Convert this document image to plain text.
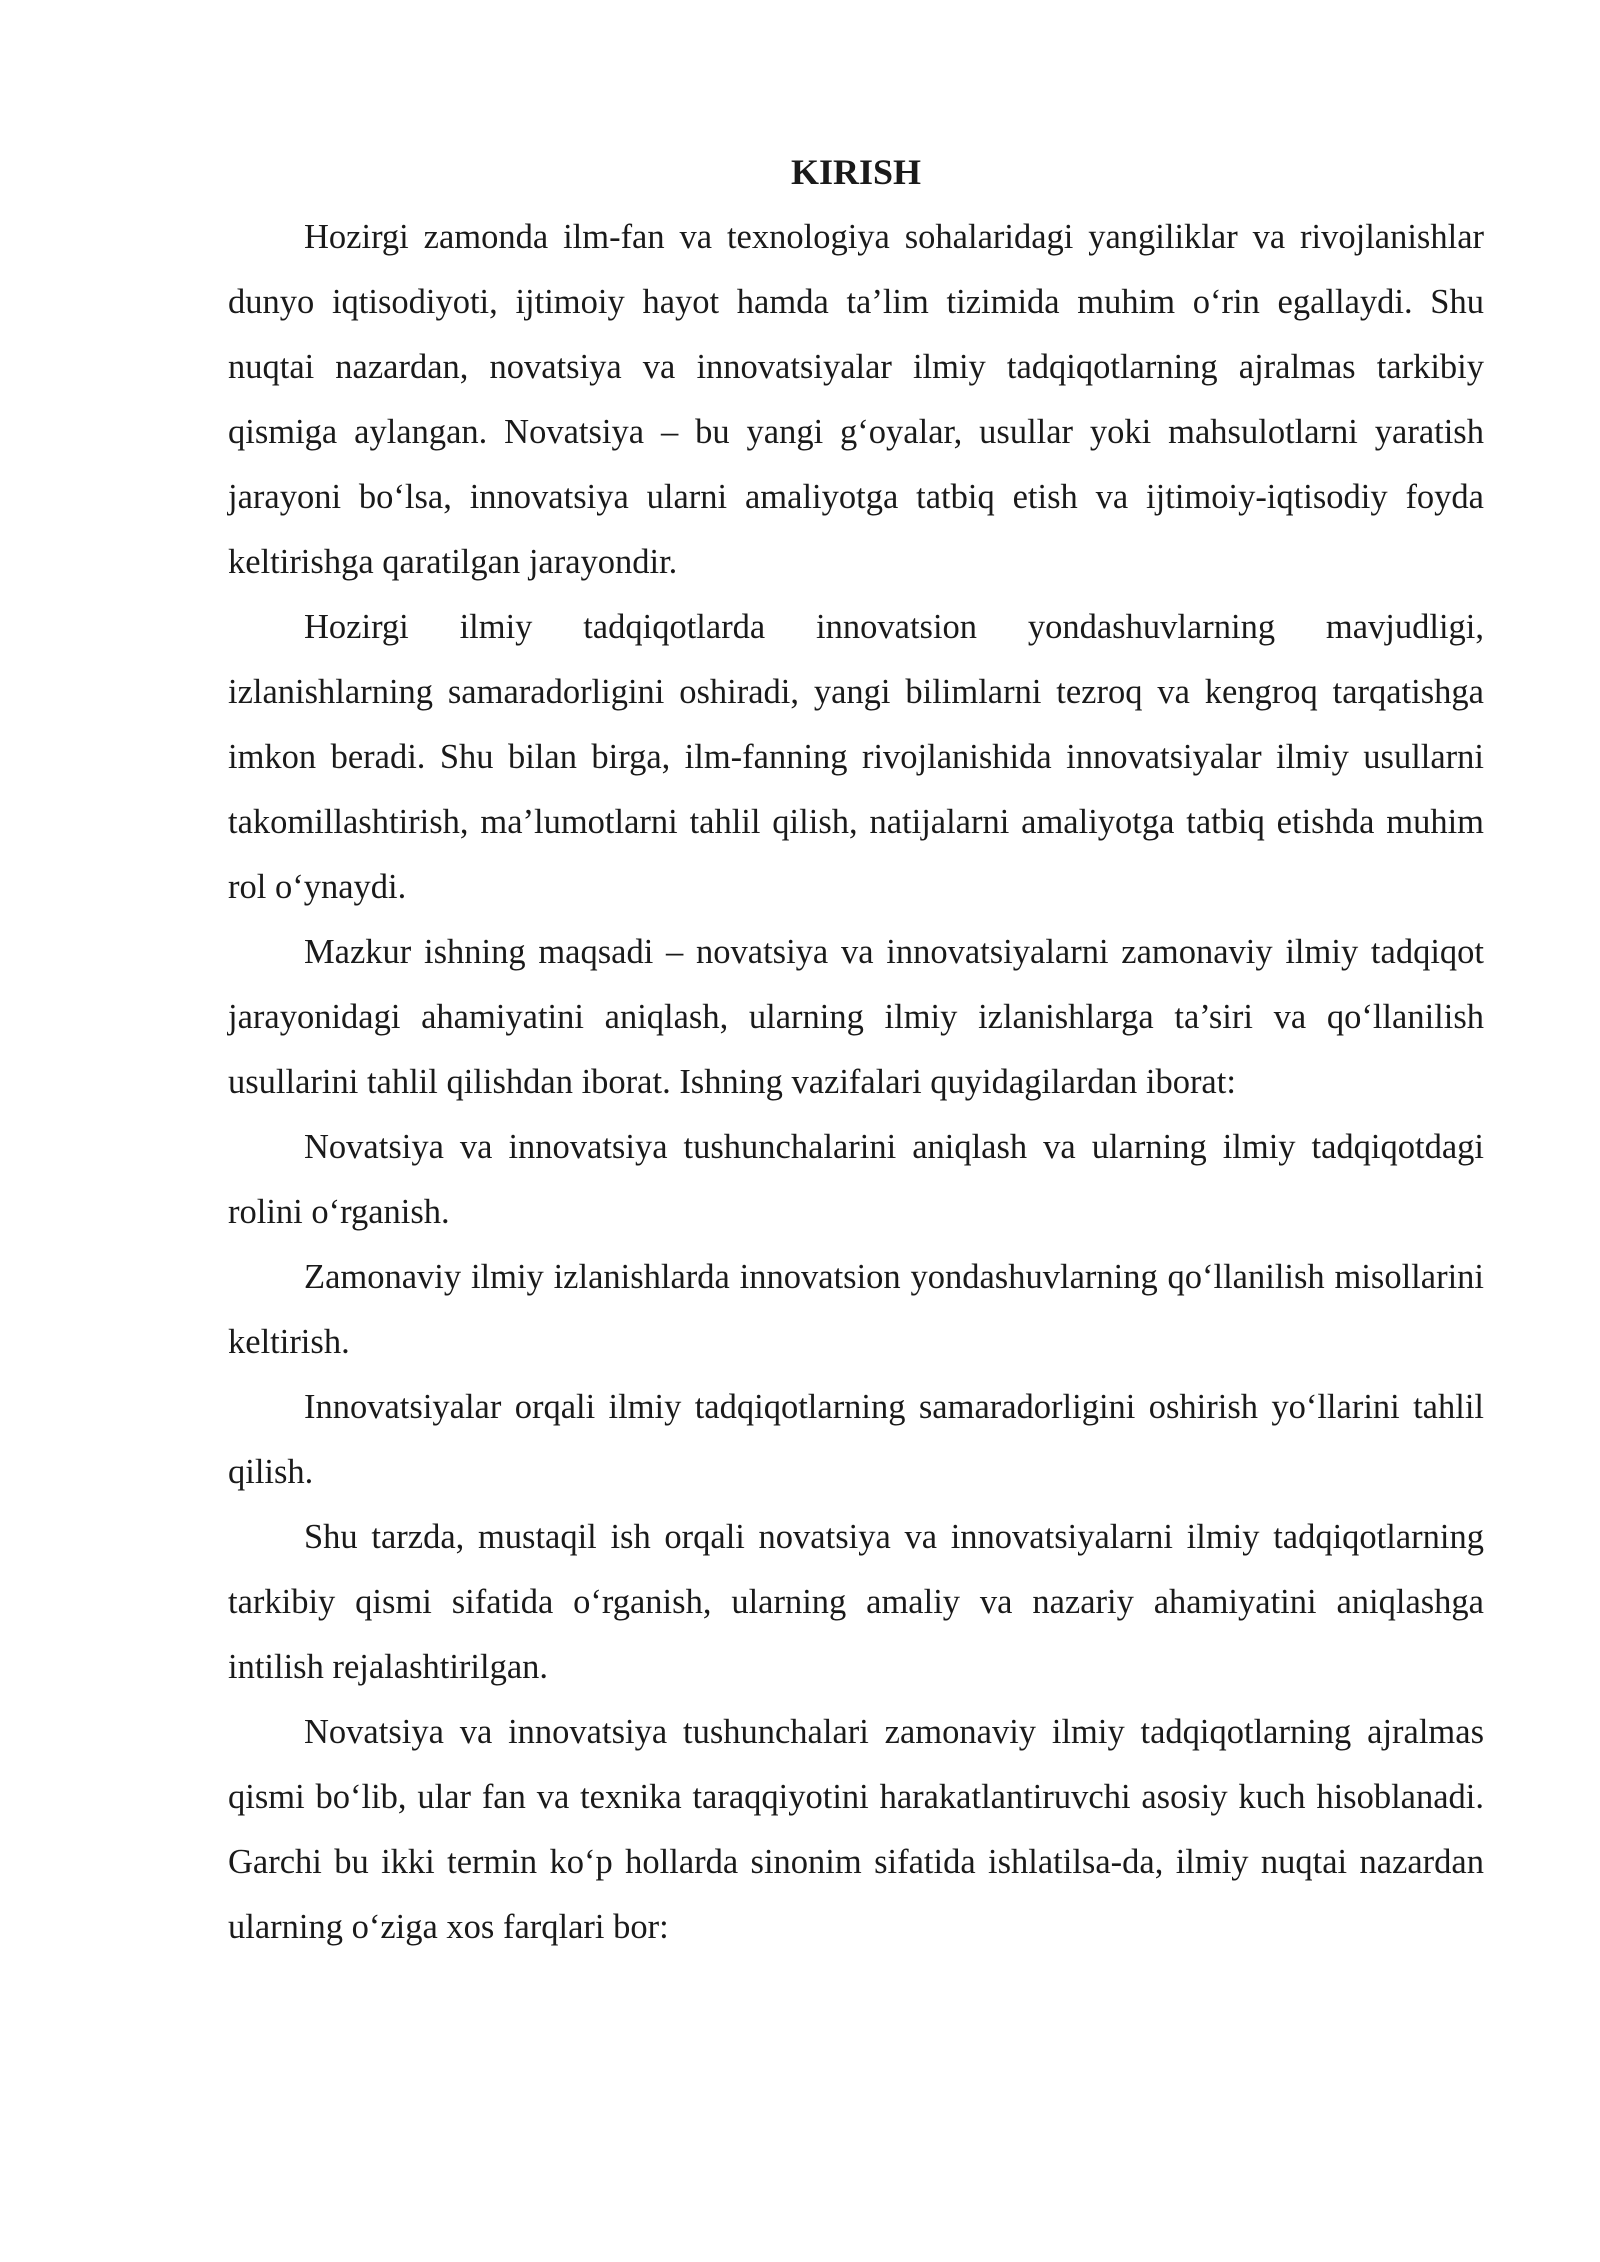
KIRISH

Hozirgi zamonda ilm-fan va texnologiya sohalaridagi yangiliklar va rivojlanishlar dunyo iqtisodiyoti, ijtimoiy hayot hamda ta’lim tizimida muhim o‘rin egallaydi. Shu nuqtai nazardan, novatsiya va innovatsiyalar ilmiy tadqiqotlarning ajralmas tarkibiy qismiga aylangan. Novatsiya – bu yangi g‘oyalar, usullar yoki mahsulotlarni yaratish jarayoni bo‘lsa, innovatsiya ularni amaliyotga tatbiq etish va ijtimoiy-iqtisodiy foyda keltirishga qaratilgan jarayondir.

Hozirgi ilmiy tadqiqotlarda innovatsion yondashuvlarning mavjudligi, izlanishlarning samaradorligini oshiradi, yangi bilimlarni tezroq va kengroq tarqatishga imkon beradi. Shu bilan birga, ilm-fanning rivojlanishida innovatsiyalar ilmiy usullarni takomillashtirish, ma’lumotlarni tahlil qilish, natijalarni amaliyotga tatbiq etishda muhim rol o‘ynaydi.

Mazkur ishning maqsadi – novatsiya va innovatsiyalarni zamonaviy ilmiy tadqiqot jarayonidagi ahamiyatini aniqlash, ularning ilmiy izlanishlarga ta’siri va qo‘llanilish usullarini tahlil qilishdan iborat. Ishning vazifalari quyidagilardan iborat:

Novatsiya va innovatsiya tushunchalarini aniqlash va ularning ilmiy tadqiqotdagi rolini o‘rganish.

Zamonaviy ilmiy izlanishlarda innovatsion yondashuvlarning qo‘llanilish misollarini keltirish.

Innovatsiyalar orqali ilmiy tadqiqotlarning samaradorligini oshirish yo‘llarini tahlil qilish.

Shu tarzda, mustaqil ish orqali novatsiya va innovatsiyalarni ilmiy tadqiqotlarning tarkibiy qismi sifatida o‘rganish, ularning amaliy va nazariy ahamiyatini aniqlashga intilish rejalashtirilgan.

Novatsiya va innovatsiya tushunchalari zamonaviy ilmiy tadqiqotlarning ajralmas qismi bo‘lib, ular fan va texnika taraqqiyotini harakatlantiruvchi asosiy kuch hisoblanadi. Garchi bu ikki termin ko‘p hollarda sinonim sifatida ishlatilsa-da, ilmiy nuqtai nazardan ularning o‘ziga xos farqlari bor:
